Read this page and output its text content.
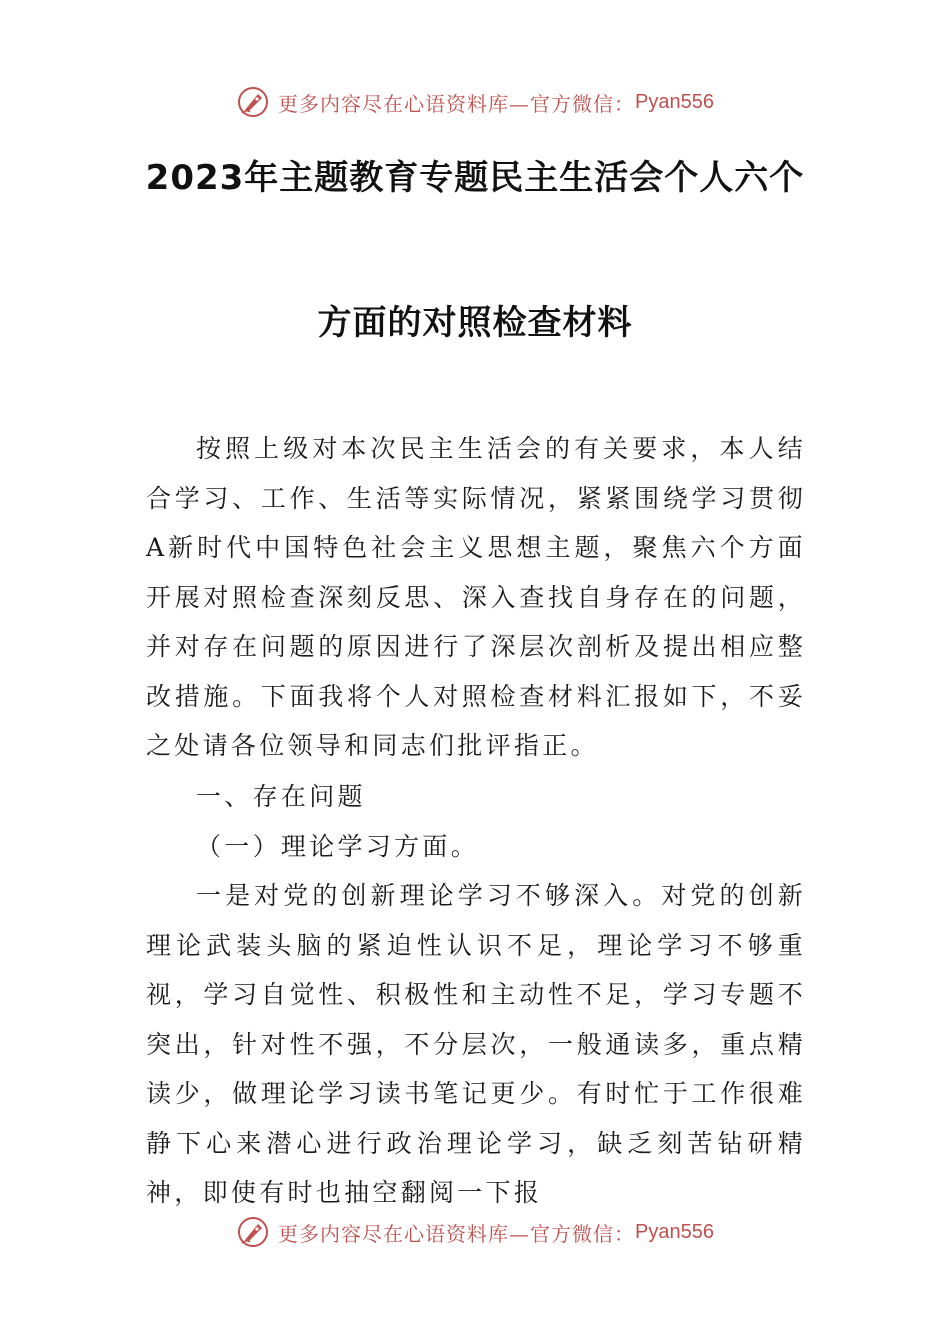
更多内容尽在心语资料库—官方微信： Pyan556
2023年主题教育专题民主生活会个人六个
方面的对照检查材料

按照上级对本次民主生活会的有关要求，本人结合学习、工作、生活等实际情况，紧紧围绕学习贯彻A新时代中国特色社会主义思想主题，聚焦六个方面开展对照检查深刻反思、深入查找自身存在的问题，并对存在问题的原因进行了深层次剖析及提出相应整改措施。下面我将个人对照检查材料汇报如下，不妥之处请各位领导和同志们批评指正。

一、存在问题

（一）理论学习方面。

一是对党的创新理论学习不够深入。对党的创新理论武装头脑的紧迫性认识不足，理论学习不够重视，学习自觉性、积极性和主动性不足，学习专题不突出，针对性不强，不分层次，一般通读多，重点精读少，做理论学习读书笔记更少。有时忙于工作很难静下心来潜心进行政治理论学习，缺乏刻苦钻研精神，即使有时也抽空翻阅一下报

更多内容尽在心语资料库—官方微信： Pyan556
